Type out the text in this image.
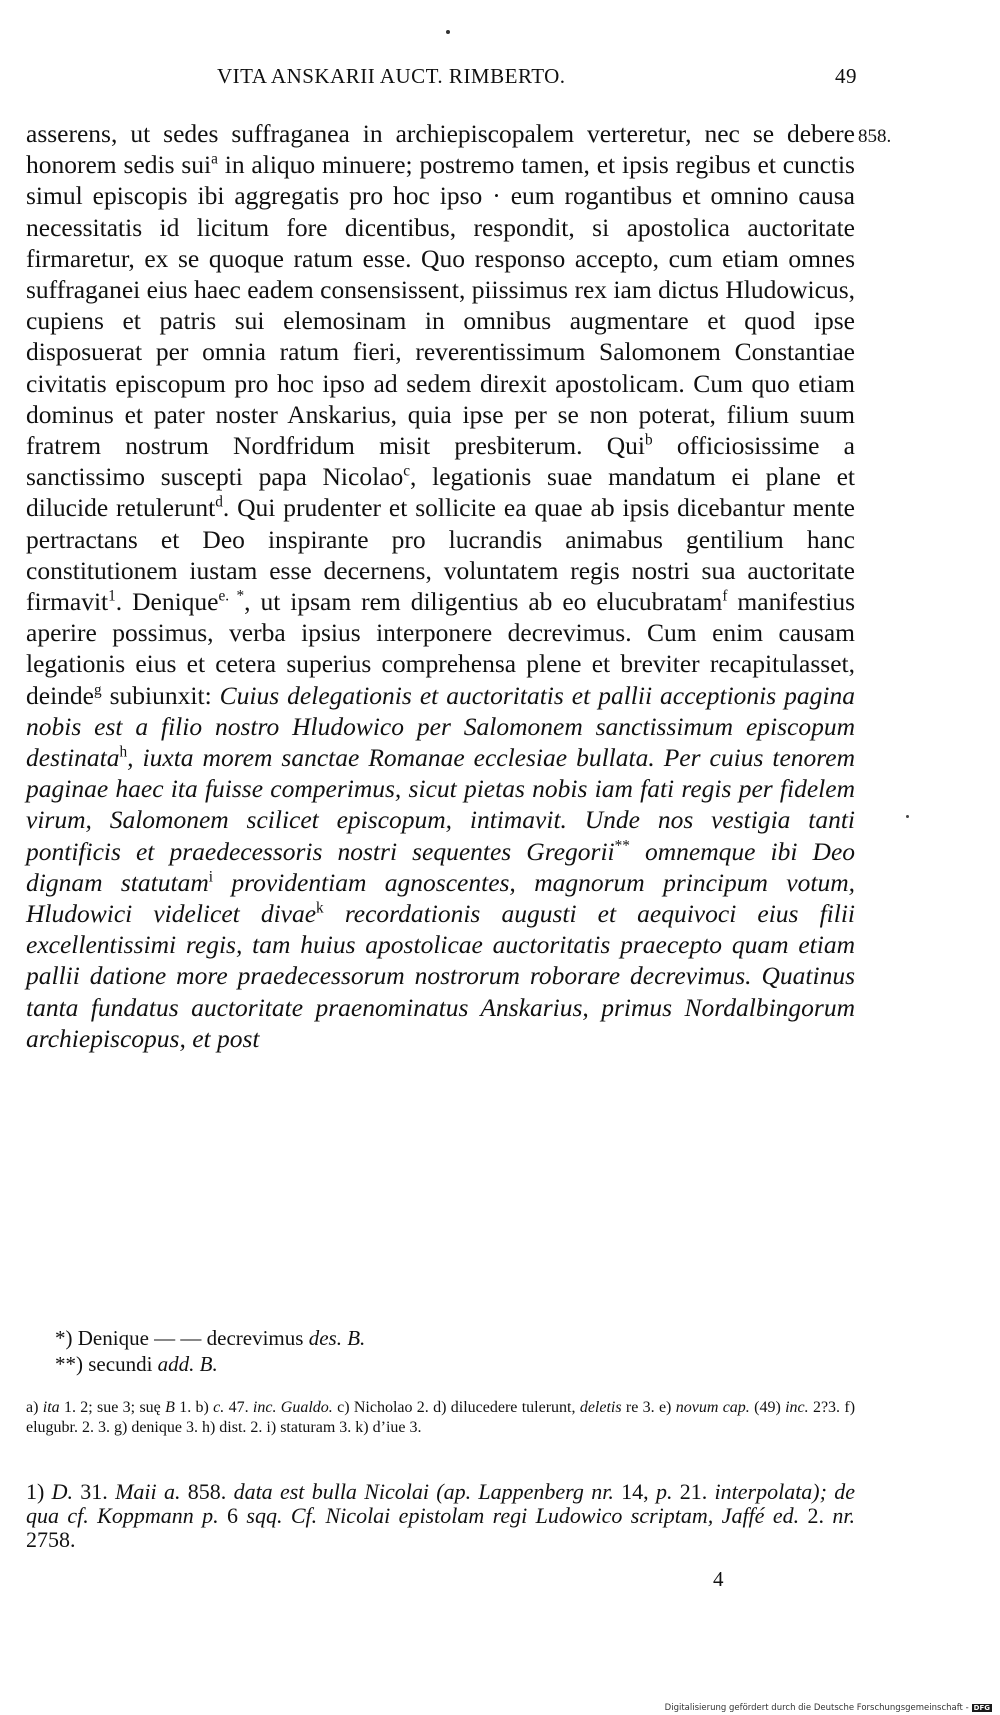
VITA ANSKARII AUCT. RIMBERTO.	49
858.
asserens, ut sedes suffraganea in archiepiscopalem verteretur, nec se debere honorem sedis sui$^a$ in aliquo minuere; postremo tamen, et ipsis regibus et cunctis simul episcopis ibi aggregatis pro hoc ipso · eum rogantibus et omnino causa necessitatis id licitum fore dicentibus, respondit, si apostolica auctoritate firmaretur, ex se quoque ratum esse. Quo responso accepto, cum etiam omnes suffraganei eius haec eadem consensissent, piissimus rex iam dictus Hludowicus, cupiens et patris sui elemosinam in omnibus augmentare et quod ipse disposuerat per omnia ratum fieri, reverentissimum Salomonem Constantiae civitatis episcopum pro hoc ipso ad sedem direxit apostolicam. Cum quo etiam dominus et pater noster Anskarius, quia ipse per se non poterat, filium suum fratrem nostrum Nordfridum misit presbiterum. Qui$^b$ officiosissime a sanctissimo suscepti papa Nicolao$^c$, legationis suae mandatum ei plane et dilucide retulerunt$^d$. Qui prudenter et sollicite ea quae ab ipsis dicebantur mente pertractans et Deo inspirante pro lucrandis animabus gentilium hanc constitutionem iustam esse decernens, voluntatem regis nostri sua auctoritate firmavit$^1$. Denique$^{e. *}$, ut ipsam rem diligentius ab eo elucubratam$^f$ manifestius aperire possimus, verba ipsius interponere decrevimus. Cum enim causam legationis eius et cetera superius comprehensa plene et breviter recapitulasset, deinde$^g$ subiunxit: Cuius delegationis et auctoritatis et pallii acceptionis pagina nobis est a filio nostro Hludowico per Salomonem sanctissimum episcopum destinata$^h$, iuxta morem sanctae Romanae ecclesiae bullata. Per cuius tenorem paginae haec ita fuisse comperimus, sicut pietas nobis iam fati regis per fidelem virum, Salomonem scilicet episcopum, intimavit. Unde nos vestigia tanti pontificis et praedecessoris nostri sequentes Gregorii** omnemque ibi Deo dignam statutam$^i$ providentiam agnoscentes, magnorum principum votum, Hludowici videlicet divae$^k$ recordationis augusti et aequivoci eius filii excellentissimi regis, tam huius apostolicae auctoritatis praecepto quam etiam pallii datione more praedecessorum nostrorum roborare decrevimus. Quatinus tanta fundatus auctoritate praenominatus Anskarius, primus Nordalbingorum archiepiscopus, et post
*) Denique — — decrevimus des. B.
**) secundi add. B.
a) ita 1. 2; sue 3; suę B 1. b) c. 47. inc. Gualdo. c) Nicholao 2. d) dilucedere tulerunt, deletis re 3. e) novum cap. (49) inc. 2?3. f) elugubr. 2. 3. g) denique 3. h) dist. 2. i) staturam 3. k) d’iue 3.
1) D. 31. Maii a. 858. data est bulla Nicolai (ap. Lappenberg nr. 14, p. 21. interpolata); de qua cf. Koppmann p. 6 sqq. Cf. Nicolai epistolam regi Ludowico scriptam, Jaffé ed. 2. nr. 2758.
4
Digitalisierung gefördert durch die Deutsche Forschungsgemeinschaft - DFG
